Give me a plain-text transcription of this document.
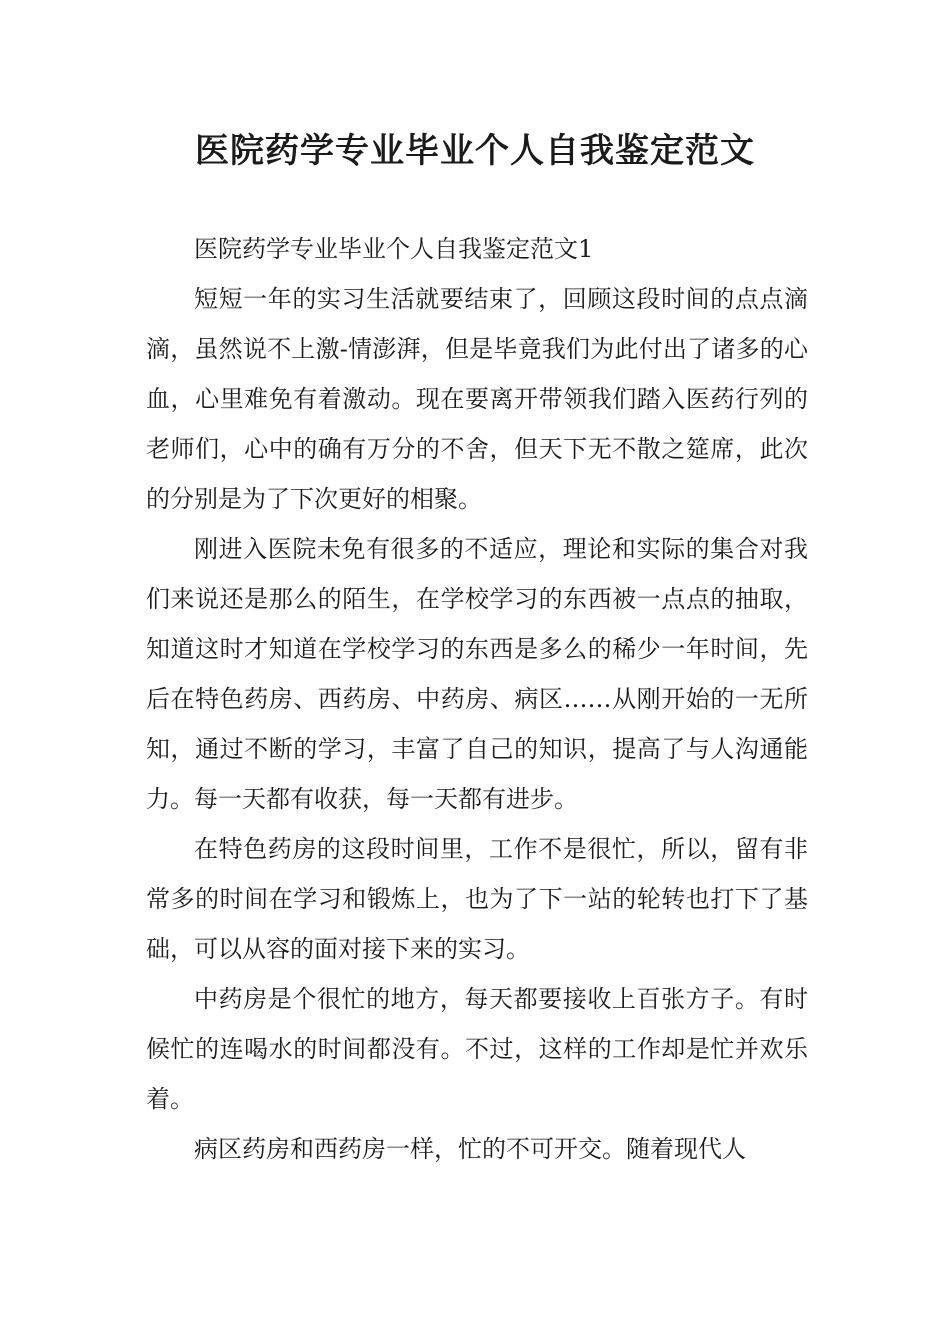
医院药学专业毕业个人自我鉴定范文

医院药学专业毕业个人自我鉴定范文1

短短一年的实习生活就要结束了，回顾这段时间的点点滴滴，虽然说不上激-情澎湃，但是毕竟我们为此付出了诸多的心血，心里难免有着激动。现在要离开带领我们踏入医药行列的老师们，心中的确有万分的不舍，但天下无不散之筵席，此次的分别是为了下次更好的相聚。

刚进入医院未免有很多的不适应，理论和实际的集合对我们来说还是那么的陌生，在学校学习的东西被一点点的抽取，知道这时才知道在学校学习的东西是多么的稀少一年时间，先后在特色药房、西药房、中药房、病区……从刚开始的一无所知，通过不断的学习，丰富了自己的知识，提高了与人沟通能力。每一天都有收获，每一天都有进步。

在特色药房的这段时间里，工作不是很忙，所以，留有非常多的时间在学习和锻炼上，也为了下一站的轮转也打下了基础，可以从容的面对接下来的实习。

中药房是个很忙的地方，每天都要接收上百张方子。有时候忙的连喝水的时间都没有。不过，这样的工作却是忙并欢乐着。

病区药房和西药房一样，忙的不可开交。随着现代人
